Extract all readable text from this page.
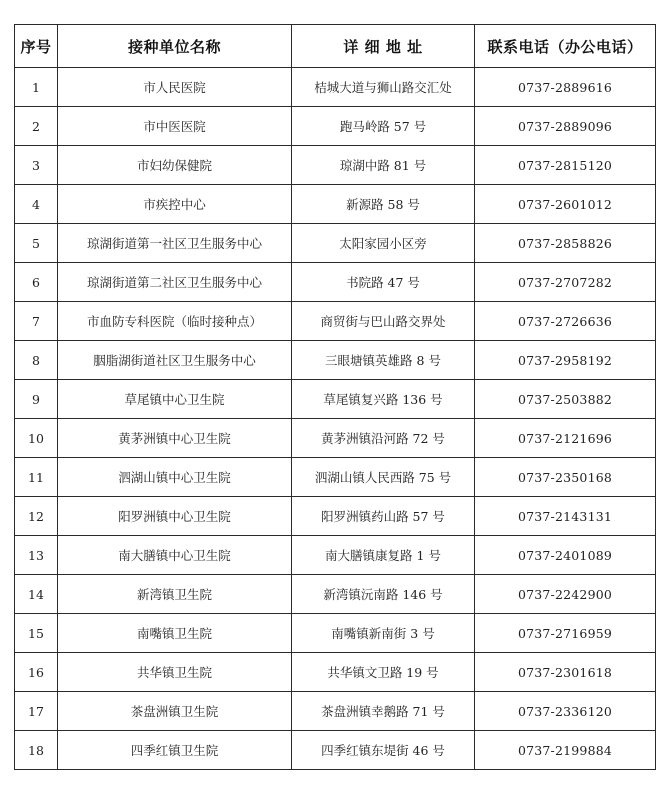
序号	接种单位名称	详 细 地 址	联系电话（办公电话）
1	市人民医院	桔城大道与狮山路交汇处	0737-2889616
2	市中医医院	跑马岭路 57 号	0737-2889096
3	市妇幼保健院	琼湖中路 81 号	0737-2815120
4	市疾控中心	新源路 58 号	0737-2601012
5	琼湖街道第一社区卫生服务中心	太阳家园小区旁	0737-2858826
6	琼湖街道第二社区卫生服务中心	书院路 47 号	0737-2707282
7	市血防专科医院（临时接种点）	商贸街与巴山路交界处	0737-2726636
8	胭脂湖街道社区卫生服务中心	三眼塘镇英雄路 8 号	0737-2958192
9	草尾镇中心卫生院	草尾镇复兴路 136 号	0737-2503882
10	黄茅洲镇中心卫生院	黄茅洲镇沿河路 72 号	0737-2121696
11	泗湖山镇中心卫生院	泗湖山镇人民西路 75 号	0737-2350168
12	阳罗洲镇中心卫生院	阳罗洲镇药山路 57 号	0737-2143131
13	南大膳镇中心卫生院	南大膳镇康复路 1 号	0737-2401089
14	新湾镇卫生院	新湾镇沅南路 146 号	0737-2242900
15	南嘴镇卫生院	南嘴镇新南街 3 号	0737-2716959
16	共华镇卫生院	共华镇文卫路 19 号	0737-2301618
17	茶盘洲镇卫生院	茶盘洲镇幸鹅路 71 号	0737-2336120
18	四季红镇卫生院	四季红镇东堤街 46 号	0737-2199884
